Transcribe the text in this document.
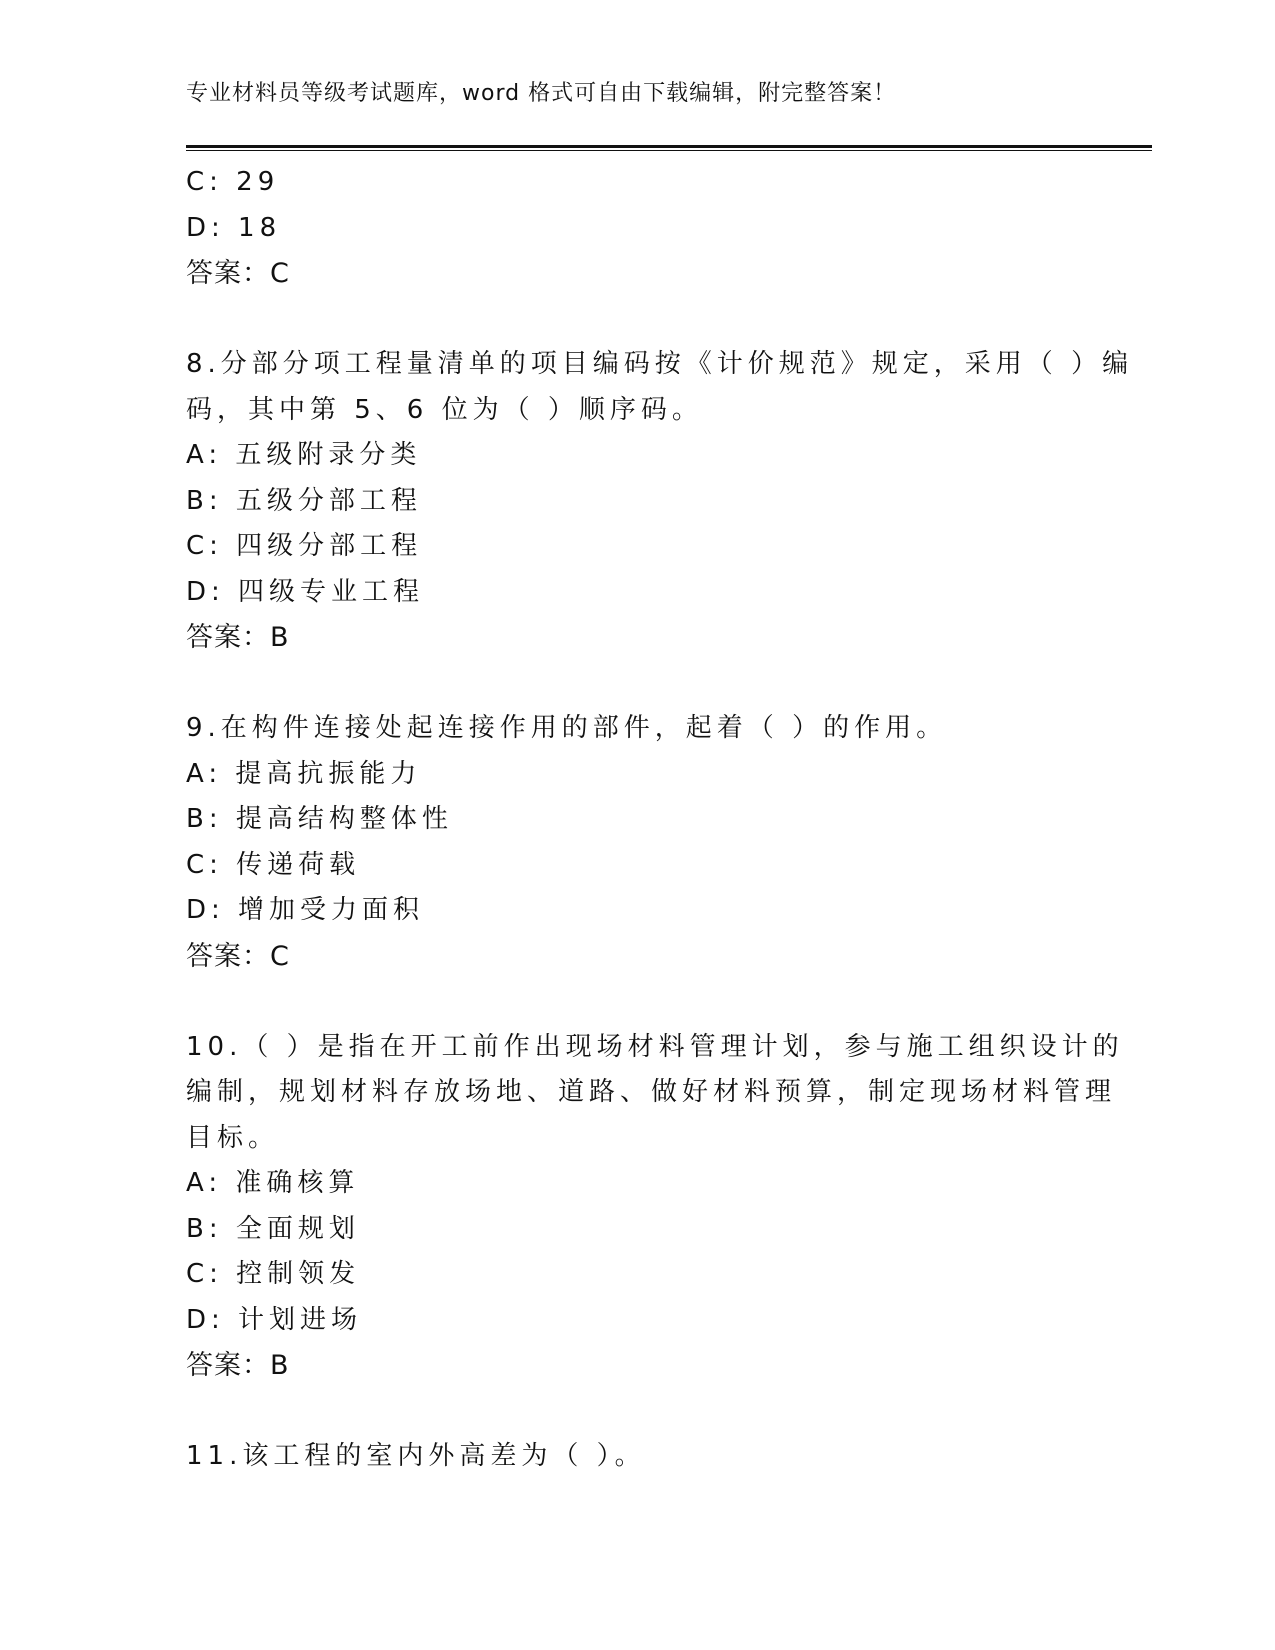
专业材料员等级考试题库，word 格式可自由下载编辑，附完整答案！
C: 29
D: 18
答案：C
8.分部分项工程量清单的项目编码按《计价规范》规定，采用（ ）编
码，其中第 5、6 位为（ ）顺序码。
A: 五级附录分类
B: 五级分部工程
C: 四级分部工程
D: 四级专业工程
答案：B
9.在构件连接处起连接作用的部件，起着（ ）的作用。
A: 提高抗振能力
B: 提高结构整体性
C: 传递荷载
D: 增加受力面积
答案：C
10.（ ）是指在开工前作出现场材料管理计划，参与施工组织设计的
编制，规划材料存放场地、道路、做好材料预算，制定现场材料管理
目标。
A: 准确核算
B: 全面规划
C: 控制领发
D: 计划进场
答案：B
11.该工程的室内外高差为（ ）。
